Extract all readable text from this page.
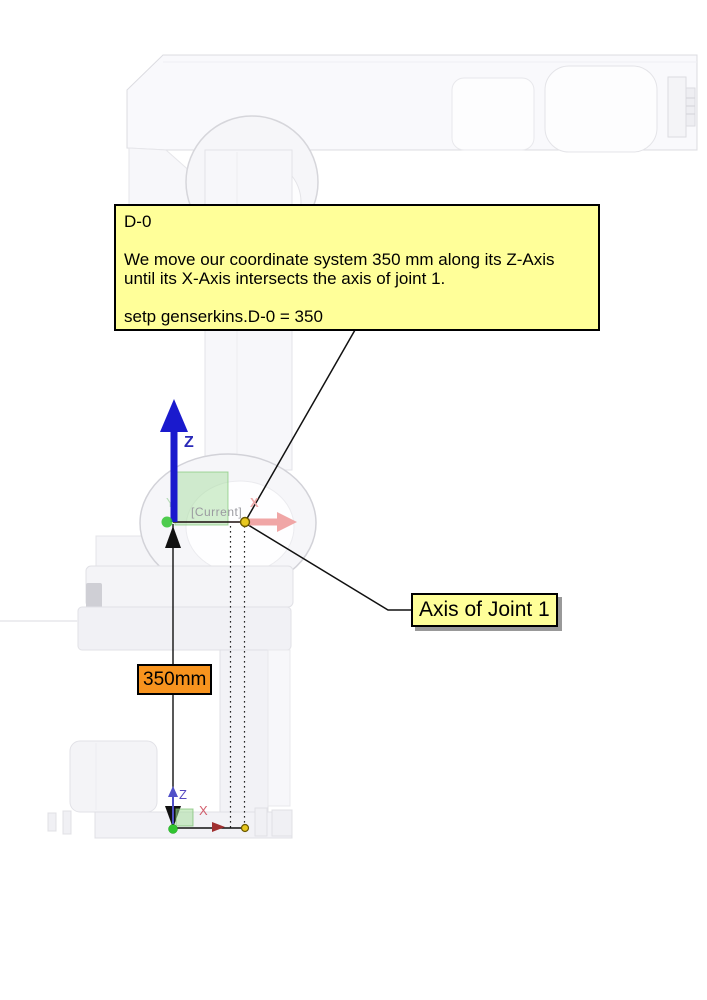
Y	X
Z
Z
X

D-0

We move our coordinate system 350 mm along its Z-Axis until its X-Axis intersects the axis of joint 1.

setp genserkins.D-0 = 350

Axis of Joint 1
350mm
[Current]
